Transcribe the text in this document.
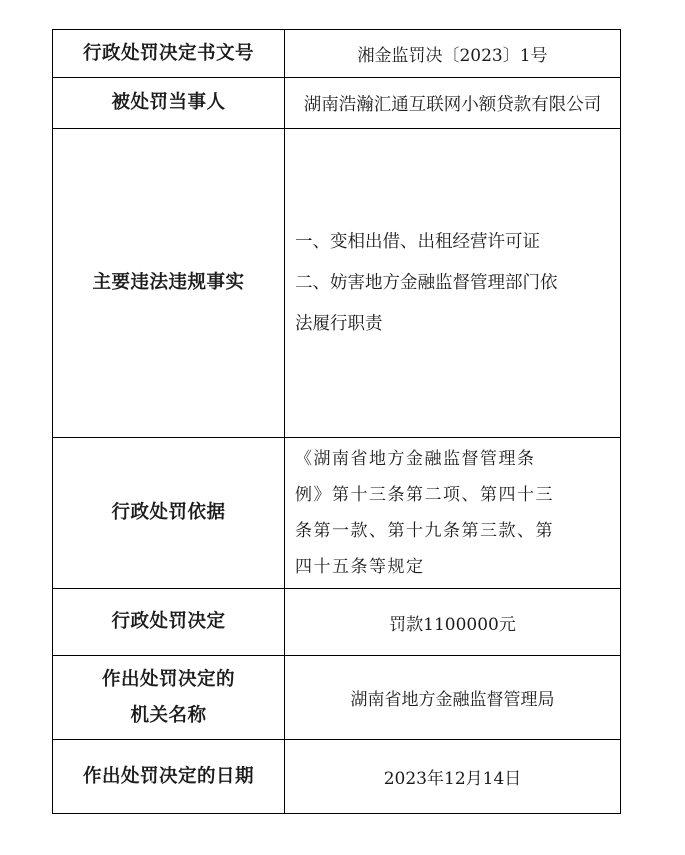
行政处罚决定书文号	湘金监罚决〔2023〕1号
被处罚当事人	湖南浩瀚汇通互联网小额贷款有限公司
主要违法违规事实	一、变相出借、出租经营许可证
二、妨害地方金融监督管理部门依
法履行职责

行政处罚依据	《湖南省地方金融监督管理条
例》第十三条第二项、第四十三
条第一款、第十九条第三款、第
四十五条等规定

行政处罚决定	罚款1100000元

作出处罚决定的
机关名称	湖南省地方金融监督管理局
作出处罚决定的日期	2023年12月14日
